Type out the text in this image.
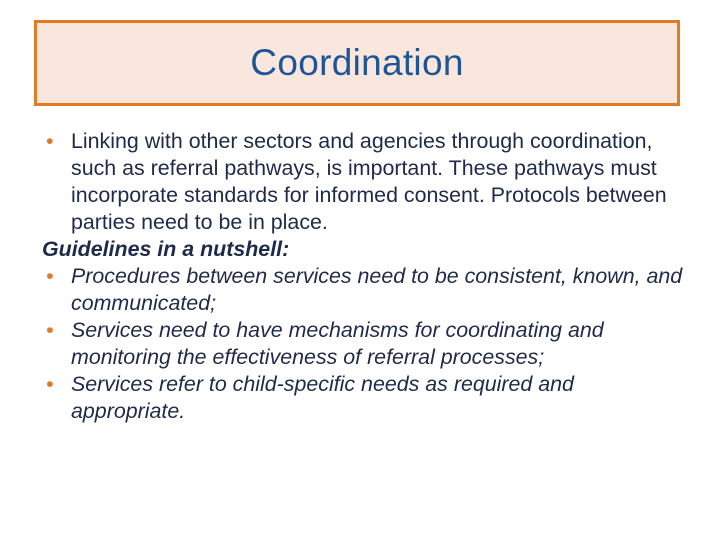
Coordination
• Linking with other sectors and agencies through coordination, such as referral pathways, is important. These pathways must incorporate standards for informed consent. Protocols between parties need to be in place.
Guidelines in a nutshell:
• Procedures between services need to be consistent, known, and communicated;
• Services need to have mechanisms for coordinating and monitoring the effectiveness of referral processes;
• Services refer to child-specific needs as required and appropriate.
